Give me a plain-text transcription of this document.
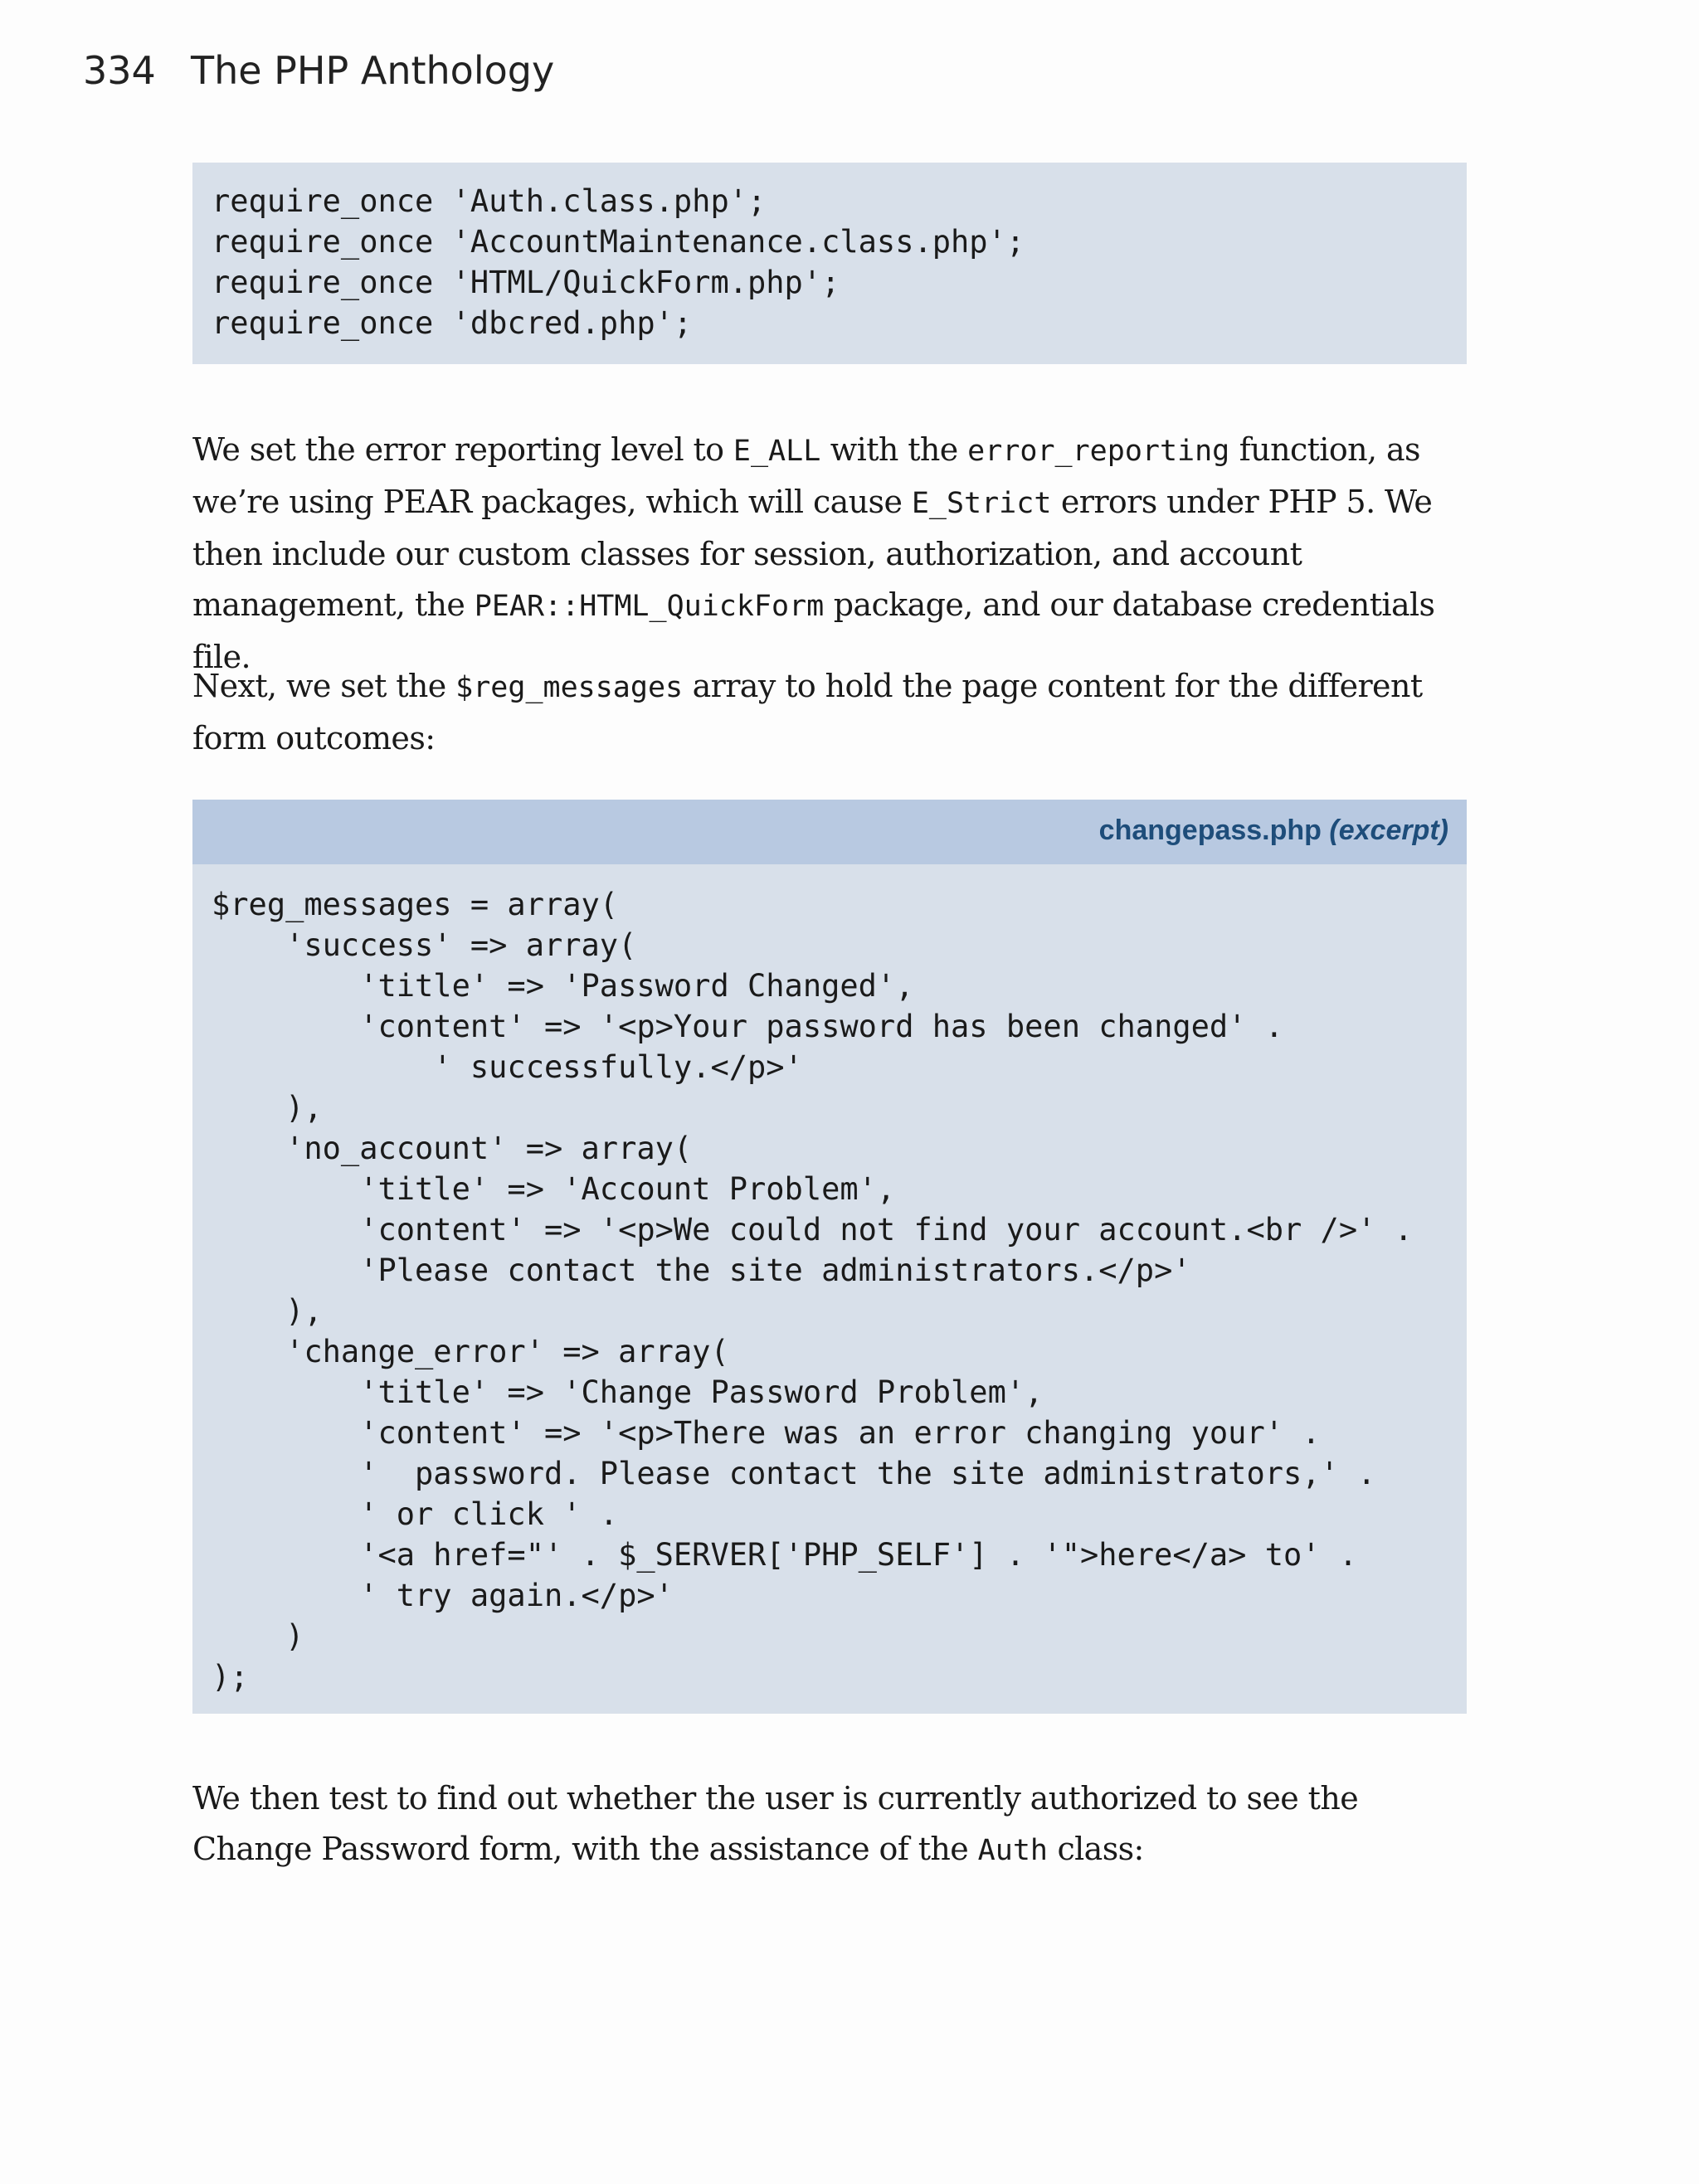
334 The PHP Anthology
require_once 'Auth.class.php';
require_once 'AccountMaintenance.class.php';
require_once 'HTML/QuickForm.php';
require_once 'dbcred.php';

We set the error reporting level to E_ALL with the error_reporting function, as we’re using PEAR packages, which will cause E_Strict errors under PHP 5. We then include our custom classes for session, authorization, and account management, the PEAR::HTML_QuickForm package, and our database credentials file.

Next, we set the $reg_messages array to hold the page content for the different form outcomes:

changepass.php (excerpt)
$reg_messages = array(
'success' => array(
'title' => 'Password Changed',
'content' => '<p>Your password has been changed' .
' successfully.</p>'
),
'no_account' => array(
'title' => 'Account Problem',
'content' => '<p>We could not find your account.<br />' .
'Please contact the site administrators.</p>'
),
'change_error' => array(
'title' => 'Change Password Problem',
'content' => '<p>There was an error changing your' .
'  password. Please contact the site administrators,' .
' or click ' .
'<a href="' . $_SERVER['PHP_SELF'] . '">here</a> to' .
' try again.</p>'
)
);

We then test to find out whether the user is currently authorized to see the Change Password form, with the assistance of the Auth class:
